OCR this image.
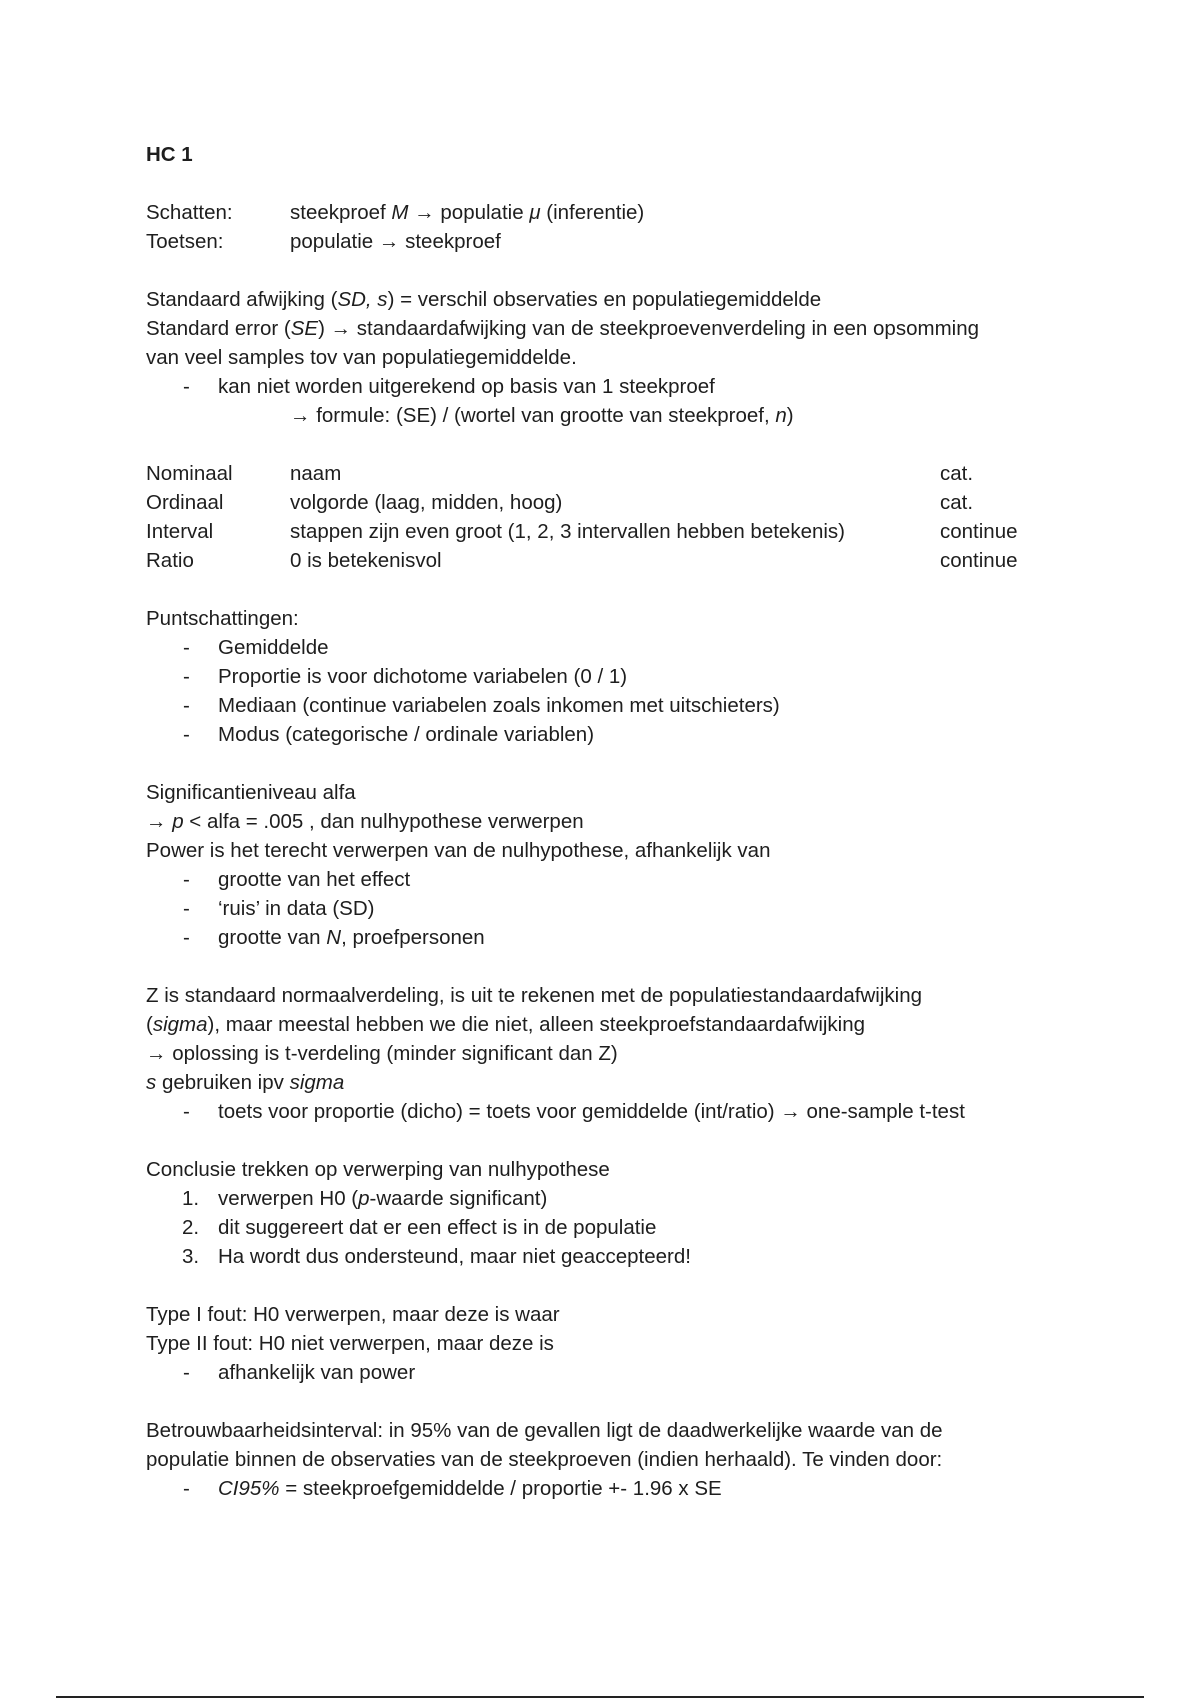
HC 1
Schatten:	steekproef M → populatie μ (inferentie)
Toetsen:	populatie → steekproef
Standaard afwijking (SD, s) = verschil observaties en populatiegemiddelde
Standard error (SE) → standaardafwijking van de steekproevenverdeling in een opsomming
van veel samples tov van populatiegemiddelde.
- kan niet worden uitgerekend op basis van 1 steekproef
→ formule: (SE) / (wortel van grootte van steekproef, n)
Nominaal	naam	cat.
Ordinaal	volgorde (laag, midden, hoog)	cat.
Interval	stappen zijn even groot (1, 2, 3 intervallen hebben betekenis)	continue
Ratio	0 is betekenisvol	continue
Puntschattingen:
- Gemiddelde
- Proportie is voor dichotome variabelen (0 / 1)
- Mediaan (continue variabelen zoals inkomen met uitschieters)
- Modus (categorische / ordinale variablen)
Significantieniveau alfa
→ p < alfa = .005 , dan nulhypothese verwerpen
Power is het terecht verwerpen van de nulhypothese, afhankelijk van
- grootte van het effect
- ‘ruis’ in data (SD)
- grootte van N, proefpersonen
Z is standaard normaalverdeling, is uit te rekenen met de populatiestandaardafwijking
(sigma), maar meestal hebben we die niet, alleen steekproefstandaardafwijking
→ oplossing is t-verdeling (minder significant dan Z)
s gebruiken ipv sigma
- toets voor proportie (dicho) = toets voor gemiddelde (int/ratio) → one-sample t-test
Conclusie trekken op verwerping van nulhypothese
1. verwerpen H0 (p-waarde significant)
2. dit suggereert dat er een effect is in de populatie
3. Ha wordt dus ondersteund, maar niet geaccepteerd!
Type I fout: H0 verwerpen, maar deze is waar
Type II fout: H0 niet verwerpen, maar deze is
- afhankelijk van power
Betrouwbaarheidsinterval: in 95% van de gevallen ligt de daadwerkelijke waarde van de
populatie binnen de observaties van de steekproeven (indien herhaald). Te vinden door:
- CI95% = steekproefgemiddelde / proportie +- 1.96 x SE
